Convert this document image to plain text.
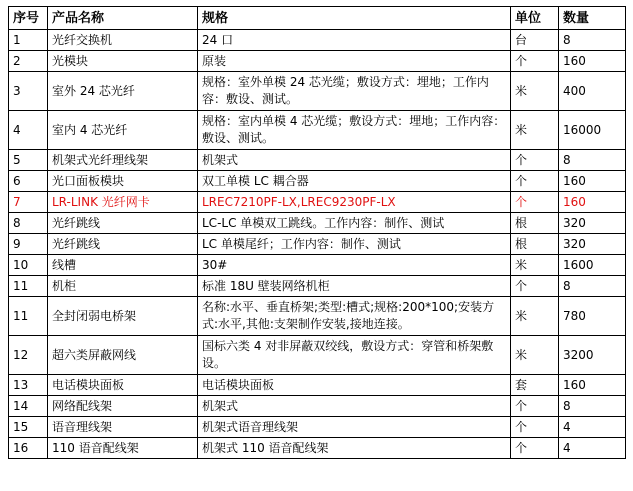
序号	产品名称	规格	单位	数量
1	光纤交换机	24 口	台	8
2	光模块	原装	个	160
3	室外 24 芯光纤	规格：室外单模 24 芯光缆；敷设方式：埋地；工作内容：敷设、测试。	米	400
4	室内 4 芯光纤	规格：室内单模 4 芯光缆；敷设方式：埋地；工作内容：敷设、测试。	米	16000
5	机架式光纤理线架	机架式	个	8
6	光口面板模块	双工单模 LC 耦合器	个	160
7	LR-LINK 光纤网卡	LREC7210PF-LX,LREC9230PF-LX	个	160
8	光纤跳线	LC-LC 单模双工跳线。工作内容：制作、测试	根	320
9	光纤跳线	LC 单模尾纤；工作内容：制作、测试	根	320
10	线槽	30#	米	1600
11	机柜	标准 18U 壁装网络机柜	个	8
11	全封闭弱电桥架	名称:水平、垂直桥架;类型:槽式;规格:200*100;安装方式:水平,其他:支架制作安装,接地连接。	米	780
12	超六类屏蔽网线	国标六类 4 对非屏蔽双绞线，敷设方式：穿管和桥架敷设。	米	3200
13	电话模块面板	电话模块面板	套	160
14	网络配线架	机架式	个	8
15	语音理线架	机架式语音理线架	个	4
16	110 语音配线架	机架式 110 语音配线架	个	4
